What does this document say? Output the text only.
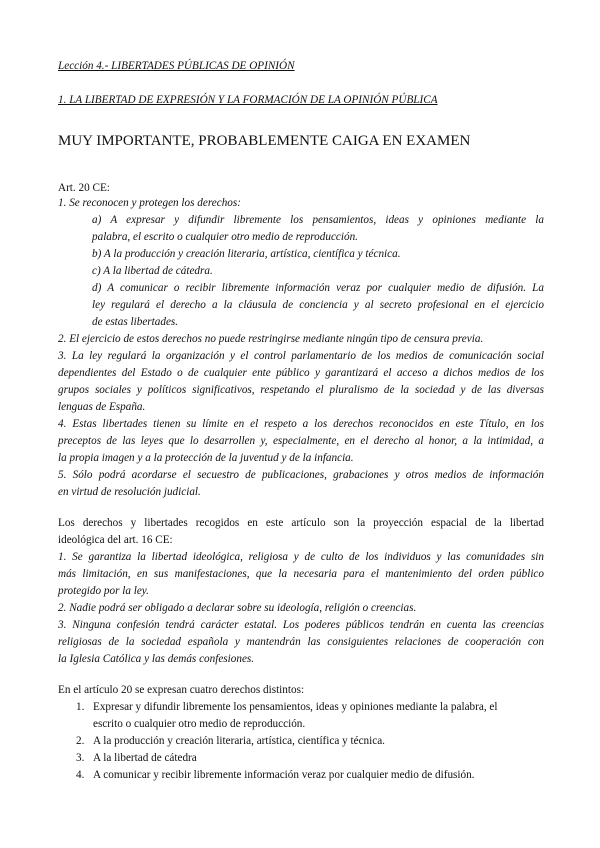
Lección 4.- LIBERTADES PÚBLICAS DE OPINIÓN
1. LA LIBERTAD DE EXPRESIÓN Y LA FORMACIÓN DE LA OPINIÓN PÚBLICA
MUY IMPORTANTE, PROBABLEMENTE CAIGA EN EXAMEN
Art. 20 CE:
1. Se reconocen y protegen los derechos:
a) A expresar y difundir libremente los pensamientos, ideas y opiniones mediante la
palabra, el escrito o cualquier otro medio de reproducción.
b) A la producción y creación literaria, artística, científica y técnica.
c) A la libertad de cátedra.
d) A comunicar o recibir libremente información veraz por cualquier medio de difusión. La
ley regulará el derecho a la cláusula de conciencia y al secreto profesional en el ejercicio
de estas libertades.
2. El ejercicio de estos derechos no puede restringirse mediante ningún tipo de censura previa.
3. La ley regulará la organización y el control parlamentario de los medios de comunicación social
dependientes del Estado o de cualquier ente público y garantizará el acceso a dichos medios de los
grupos sociales y políticos significativos, respetando el pluralismo de la sociedad y de las diversas
lenguas de España.
4. Estas libertades tienen su límite en el respeto a los derechos reconocidos en este Título, en los
preceptos de las leyes que lo desarrollen y, especialmente, en el derecho al honor, a la intimidad, a
la propia imagen y a la protección de la juventud y de la infancia.
5. Sólo podrá acordarse el secuestro de publicaciones, grabaciones y otros medios de información
en virtud de resolución judicial.
Los derechos y libertades recogidos en este artículo son la proyección espacial de la libertad
ideológica del art. 16 CE:
1. Se garantiza la libertad ideológica, religiosa y de culto de los individuos y las comunidades sin
más limitación, en sus manifestaciones, que la necesaria para el mantenimiento del orden público
protegido por la ley.
2. Nadie podrá ser obligado a declarar sobre su ideología, religión o creencias.
3. Ninguna confesión tendrá carácter estatal. Los poderes públicos tendrán en cuenta las creencias
religiosas de la sociedad española y mantendrán las consiguientes relaciones de cooperación con
la Iglesia Católica y las demás confesiones.
En el artículo 20 se expresan cuatro derechos distintos:
1. Expresar y difundir libremente los pensamientos, ideas y opiniones mediante la palabra, el
escrito o cualquier otro medio de reproducción.
2. A la producción y creación literaria, artística, científica y técnica.
3. A la libertad de cátedra
4. A comunicar y recibir libremente información veraz por cualquier medio de difusión.
